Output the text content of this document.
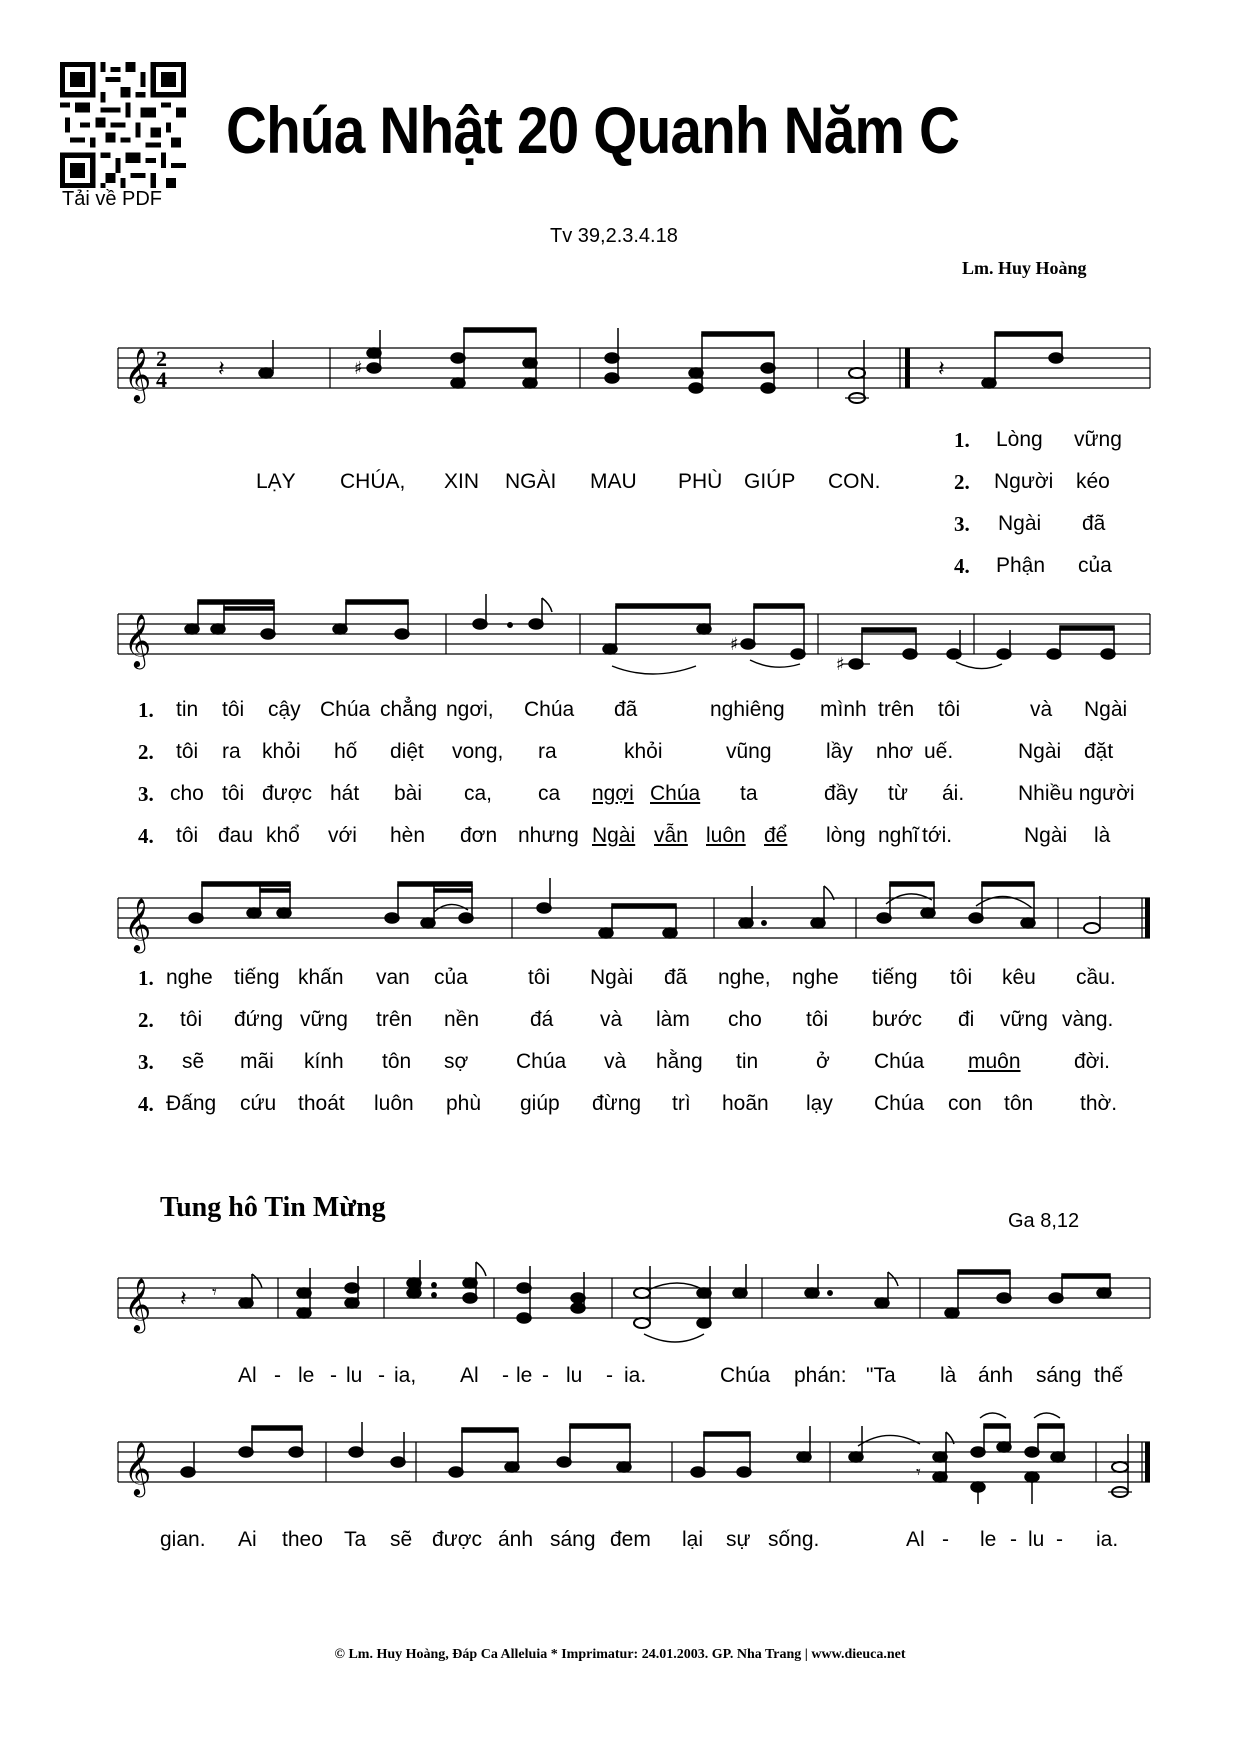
Tải về PDF
Chúa Nhật 20 Quanh Năm C
Tv 39,2.3.4.18
Lm. Huy Hoàng
𝄞 2
4 𝄽	𝄽
♯
LẠY CHÚA, XIN NGÀI MAU PHÙ GIÚP CON.
1. Lòng vững
2. Người kéo
3. Ngài đã
4. Phận của
𝄞	♯
♯
1. tin tôi cậy Chúa chẳng ngơi, Chúa đã	nghiêng mình trên tôi	và Ngài
2. tôi ra khỏi hố diệt vong, ra	khỏi	vũng	lầy nhơ uế.	Ngài đặt
3. cho tôi được hát bài ca, ca ngợi Chúa ta	đầy từ ái.	Nhiều người
4. tôi đau khổ với hèn đơn nhưng Ngài vẫn luôn để lòng nghĩ tới.	Ngài là
𝄞
1. nghe tiếng khấn van của	tôi Ngài đã nghe, nghe tiếng tôi kêu cầu.
2. tôi đứng vững trên nền đá và làm cho tôi bước đi vững vàng.
3. sẽ mãi kính tôn sợ Chúa và hằng tin	ở Chúa muôn	đời.
4. Đấng cứu thoát luôn phù giúp đừng trì hoãn lạy Chúa con tôn thờ.
Tung hô Tin Mừng	Ga 8,12
𝄞 𝄽 𝄾
Al - le - lu - ia, Al - le - lu - ia.	Chúa phán: "Ta là ánh sáng thế
𝄞	𝄾
gian. Ai theo Ta sẽ được ánh sáng đem lại sự sống.	Al - le - lu - ia.
© Lm. Huy Hoàng, Đáp Ca Alleluia * Imprimatur: 24.01.2003. GP. Nha Trang | www.dieuca.net
